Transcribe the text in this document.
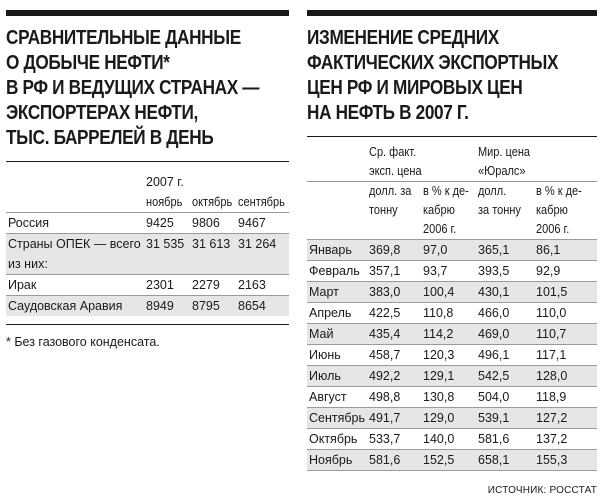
СРАВНИТЕЛЬНЫЕ ДАННЫЕ
О ДОБЫЧЕ НЕФТИ*
В РФ И ВЕДУЩИХ СТРАНАХ —
ЭКСПОРТЕРАХ НЕФТИ,
ТЫС. БАРРЕЛЕЙ В ДЕНЬ
	2007 г.		
	ноябрь	октябрь	сентябрь
Россия	9425	9806	9467
Страны ОПЕК — всего	31 535	31 613	31 264
из них:			
Ирак	2301	2279	2163
Саудовская Аравия	8949	8795	8654
* Без газового конденсата.
ИЗМЕНЕНИЕ СРЕДНИХ
ФАКТИЧЕСКИХ ЭКСПОРТНЫХ
ЦЕН РФ И МИРОВЫХ ЦЕН
НА НЕФТЬ В 2007 Г.
	Ср. факт.		Мир. цена	
	эксп. цена		«Юралс»	
	долл. за	в % к де-	долл.	в % к де-
	тонну	кабрю	за тонну	кабрю
		2006 г.		2006 г.
Январь	369,8	97,0	365,1	86,1
Февраль	357,1	93,7	393,5	92,9
Март	383,0	100,4	430,1	101,5
Апрель	422,5	110,8	466,0	110,0
Май	435,4	114,2	469,0	110,7
Июнь	458,7	120,3	496,1	117,1
Июль	492,2	129,1	542,5	128,0
Август	498,8	130,8	504,0	118,9
Сентябрь	491,7	129,0	539,1	127,2
Октябрь	533,7	140,0	581,6	137,2
Ноябрь	581,6	152,5	658,1	155,3
ИСТОЧНИК: РОССТАТ
